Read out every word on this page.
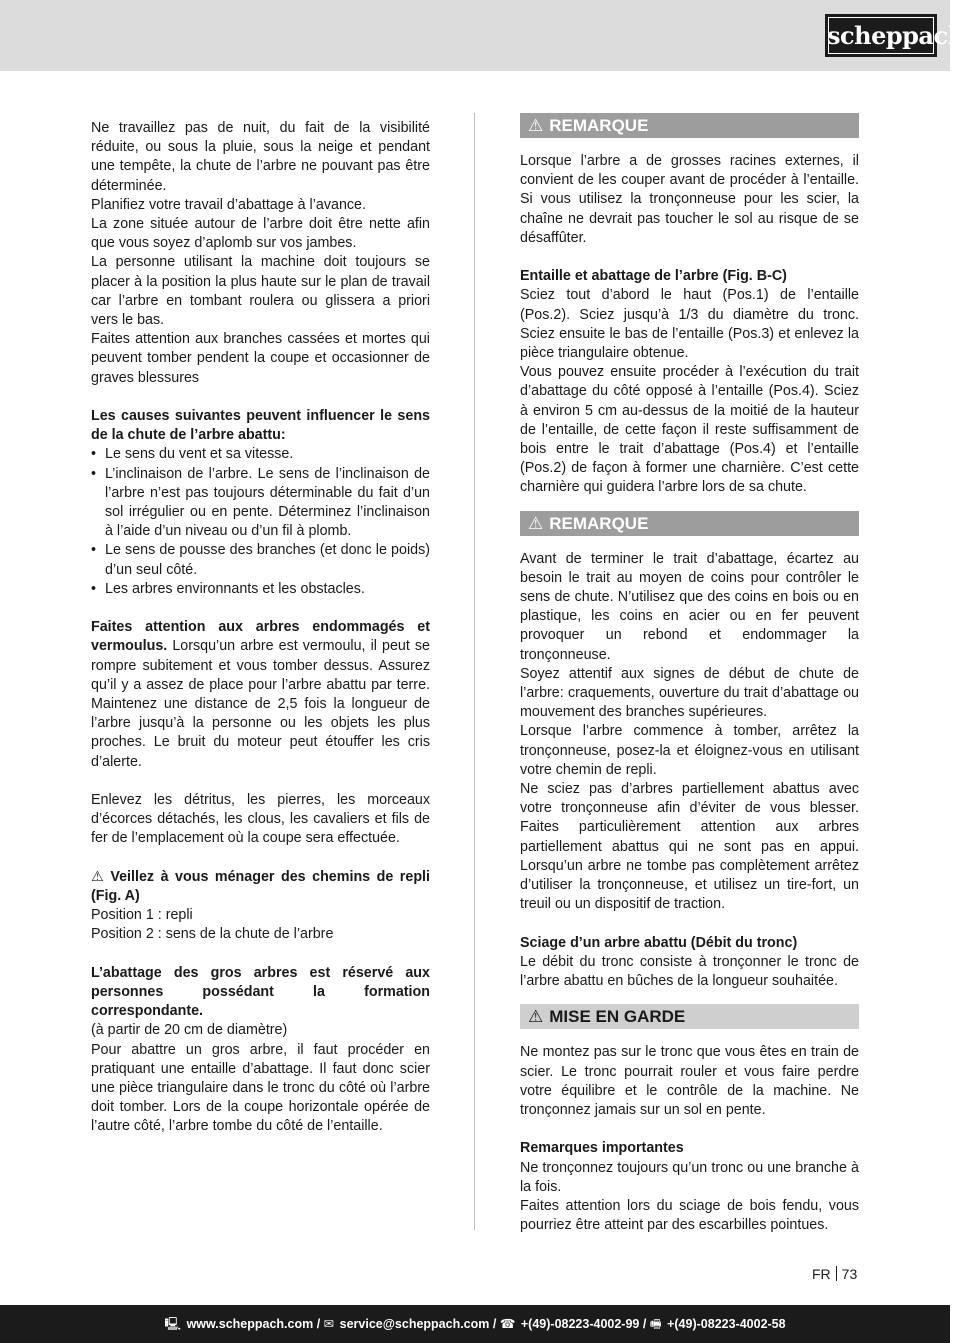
scheppach

Ne travaillez pas de nuit, du fait de la visibilité réduite, ou sous la pluie, sous la neige et pendant une tempête, la chute de l’arbre ne pouvant pas être déterminée.

Planifiez votre travail d’abattage à l’avance.

La zone située autour de l’arbre doit être nette afin que vous soyez d’aplomb sur vos jambes.

La personne utilisant la machine doit toujours se placer à la position la plus haute sur le plan de travail car l’arbre en tombant roulera ou glissera a priori vers le bas.

Faites attention aux branches cassées et mortes qui peuvent tomber pendent la coupe et occasionner de graves blessures

Les causes suivantes peuvent influencer le sens de la chute de l’arbre abattu:

• Le sens du vent et sa vitesse.
• L’inclinaison de l’arbre. Le sens de l’inclinaison de l’arbre n’est pas toujours déterminable du fait d’un sol irrégulier ou en pente. Déterminez l’inclinaison à l’aide d’un niveau ou d’un fil à plomb.
• Le sens de pousse des branches (et donc le poids) d’un seul côté.
• Les arbres environnants et les obstacles.

Faites attention aux arbres endommagés et vermoulus. Lorsqu’un arbre est vermoulu, il peut se rompre subitement et vous tomber dessus. Assurez qu’il y a assez de place pour l’arbre abattu par terre. Maintenez une distance de 2,5 fois la longueur de l’arbre jusqu’à la personne ou les objets les plus proches. Le bruit du moteur peut étouffer les cris d’alerte.

Enlevez les détritus, les pierres, les morceaux d’écorces détachés, les clous, les cavaliers et fils de fer de l’emplacement où la coupe sera effectuée.

⚠ Veillez à vous ménager des chemins de repli (Fig. A)

Position 1 : repli

Position 2 : sens de la chute de l’arbre

L’abattage des gros arbres est réservé aux personnes possédant la formation correspondante.

(à partir de 20 cm de diamètre)

Pour abattre un gros arbre, il faut procéder en pratiquant une entaille d’abattage. Il faut donc scier une pièce triangulaire dans le tronc du côté où l’arbre doit tomber. Lors de la coupe horizontale opérée de l’autre côté, l’arbre tombe du côté de l’entaille.

⚠ REMARQUE

Lorsque l’arbre a de grosses racines externes, il convient de les couper avant de procéder à l’entaille. Si vous utilisez la tronçonneuse pour les scier, la chaîne ne devrait pas toucher le sol au risque de se désaffûter.

Entaille et abattage de l’arbre (Fig. B-C)

Sciez tout d’abord le haut (Pos.1) de l’entaille (Pos.2). Sciez jusqu’à 1/3 du diamètre du tronc. Sciez ensuite le bas de l’entaille (Pos.3) et enlevez la pièce triangulaire obtenue.

Vous pouvez ensuite procéder à l’exécution du trait d’abattage du côté opposé à l’entaille (Pos.4). Sciez à environ 5 cm au-dessus de la moitié de la hauteur de l’entaille, de cette façon il reste suffisamment de bois entre le trait d’abattage (Pos.4) et l’entaille (Pos.2) de façon à former une charnière. C’est cette charnière qui guidera l’arbre lors de sa chute.

⚠ REMARQUE

Avant de terminer le trait d’abattage, écartez au besoin le trait au moyen de coins pour contrôler le sens de chute. N’utilisez que des coins en bois ou en plastique, les coins en acier ou en fer peuvent provoquer un rebond et endommager la tronçonneuse.

Soyez attentif aux signes de début de chute de l’arbre: craquements, ouverture du trait d’abattage ou mouvement des branches supérieures.

Lorsque l’arbre commence à tomber, arrêtez la tronçonneuse, posez-la et éloignez-vous en utilisant votre chemin de repli.

Ne sciez pas d’arbres partiellement abattus avec votre tronçonneuse afin d’éviter de vous blesser. Faites particulièrement attention aux arbres partiellement abattus qui ne sont pas en appui. Lorsqu’un arbre ne tombe pas complètement arrêtez d’utiliser la tronçonneuse, et utilisez un tire-fort, un treuil ou un dispositif de traction.

Sciage d’un arbre abattu (Débit du tronc)

Le débit du tronc consiste à tronçonner le tronc de l’arbre abattu en bûches de la longueur souhaitée.

⚠ MISE EN GARDE

Ne montez pas sur le tronc que vous êtes en train de scier. Le tronc pourrait rouler et vous faire perdre votre équilibre et le contrôle de la machine. Ne tronçonnez jamais sur un sol en pente.

Remarques importantes

Ne tronçonnez toujours qu’un tronc ou une branche à la fois.

Faites attention lors du sciage de bois fendu, vous pourriez être atteint par des escarbilles pointues.

FR 73
🖳 www.scheppach.com / ✉ service@scheppach.com / ☎ +(49)-08223-4002-99 / 🖷 +(49)-08223-4002-58
